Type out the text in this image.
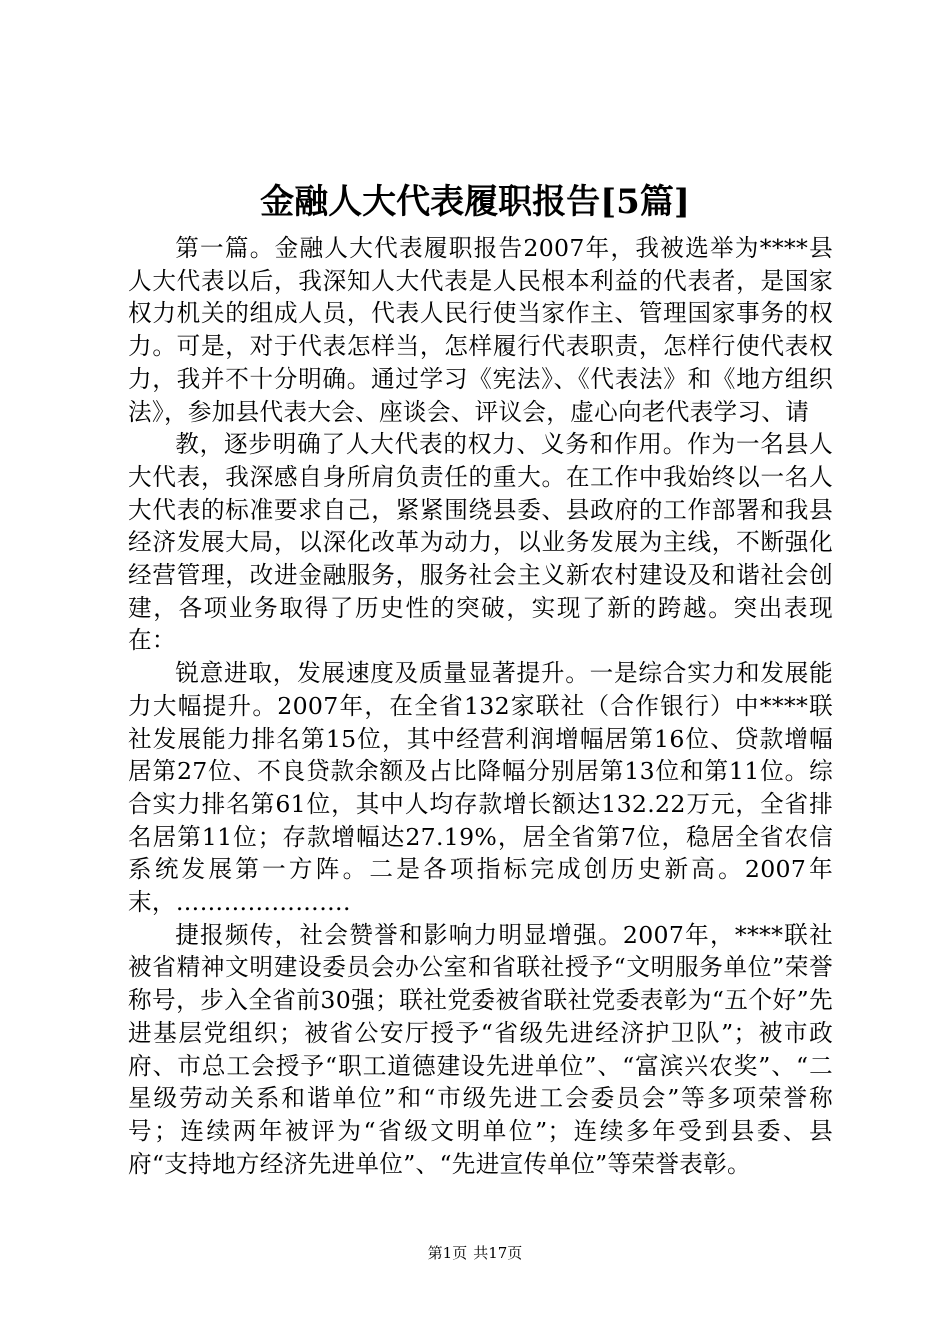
金融人大代表履职报告[5篇]

第一篇。金融人大代表履职报告2007年，我被选举为****县人大代表以后，我深知人大代表是人民根本利益的代表者，是国家权力机关的组成人员，代表人民行使当家作主、管理国家事务的权力。可是，对于代表怎样当，怎样履行代表职责，怎样行使代表权力，我并不十分明确。通过学习《宪法》、《代表法》和《地方组织法》，参加县代表大会、座谈会、评议会，虚心向老代表学习、请

教，逐步明确了人大代表的权力、义务和作用。作为一名县人大代表，我深感自身所肩负责任的重大。在工作中我始终以一名人大代表的标准要求自己，紧紧围绕县委、县政府的工作部署和我县经济发展大局，以深化改革为动力，以业务发展为主线，不断强化经营管理，改进金融服务，服务社会主义新农村建设及和谐社会创建，各项业务取得了历史性的突破，实现了新的跨越。突出表现在：

锐意进取，发展速度及质量显著提升。一是综合实力和发展能力大幅提升。2007年，在全省132家联社（合作银行）中****联社发展能力排名第15位，其中经营利润增幅居第16位、贷款增幅居第27位、不良贷款余额及占比降幅分别居第13位和第11位。综合实力排名第61位，其中人均存款增长额达132.22万元，全省排名居第11位；存款增幅达27.19%，居全省第7位，稳居全省农信系统发展第一方阵。二是各项指标完成创历史新高。2007年末，………………….

捷报频传，社会赞誉和影响力明显增强。2007年，****联社被省精神文明建设委员会办公室和省联社授予“文明服务单位”荣誉称号，步入全省前30强；联社党委被省联社党委表彰为“五个好”先进基层党组织；被省公安厅授予“省级先进经济护卫队”；被市政府、市总工会授予“职工道德建设先进单位”、“富滨兴农奖”、“二星级劳动关系和谐单位”和“市级先进工会委员会”等多项荣誉称号；连续两年被评为“省级文明单位”；连续多年受到县委、县府“支持地方经济先进单位”、“先进宣传单位”等荣誉表彰。

第1页 共17页
